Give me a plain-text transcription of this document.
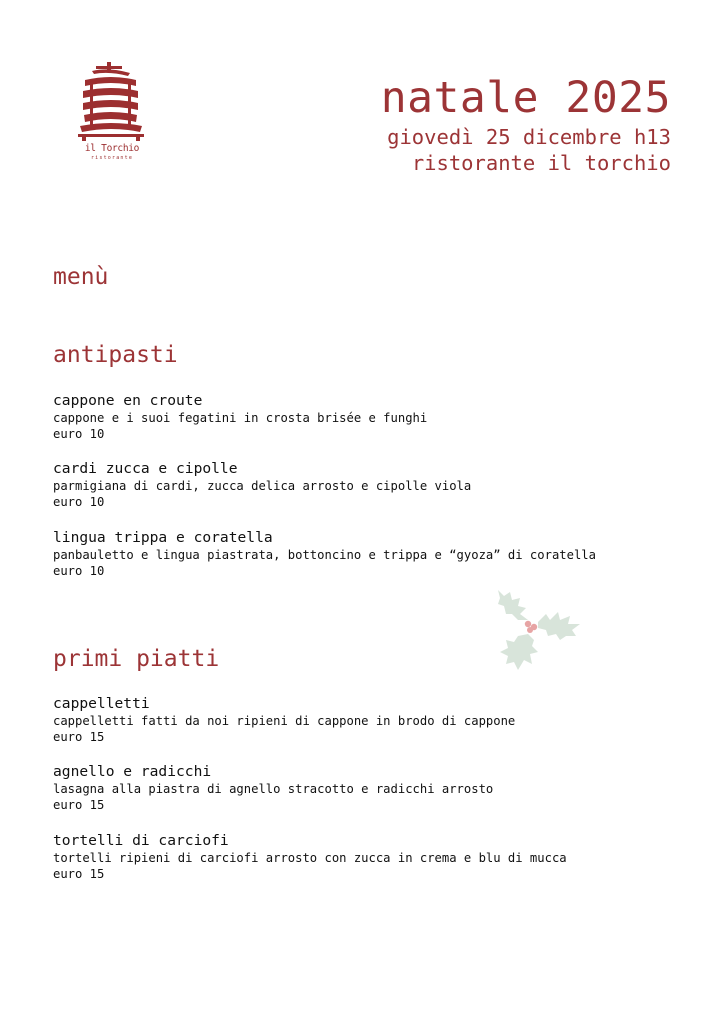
il Torchio
ristorante
natale 2025
giovedì 25 dicembre h13
ristorante il torchio
menù
antipasti
cappone en croute
cappone e i suoi fegatini in crosta brisée e funghi
euro 10
cardi zucca e cipolle
parmigiana di cardi, zucca delica arrosto e cipolle viola
euro 10
lingua trippa e coratella
panbauletto e lingua piastrata, bottoncino e trippa e “gyoza” di coratella
euro 10
primi piatti
cappelletti
cappelletti fatti da noi ripieni di cappone in brodo di cappone
euro 15
agnello e radicchi
lasagna alla piastra di agnello stracotto e radicchi arrosto
euro 15
tortelli di carciofi
tortelli ripieni di carciofi arrosto con zucca in crema e blu di mucca
euro 15
